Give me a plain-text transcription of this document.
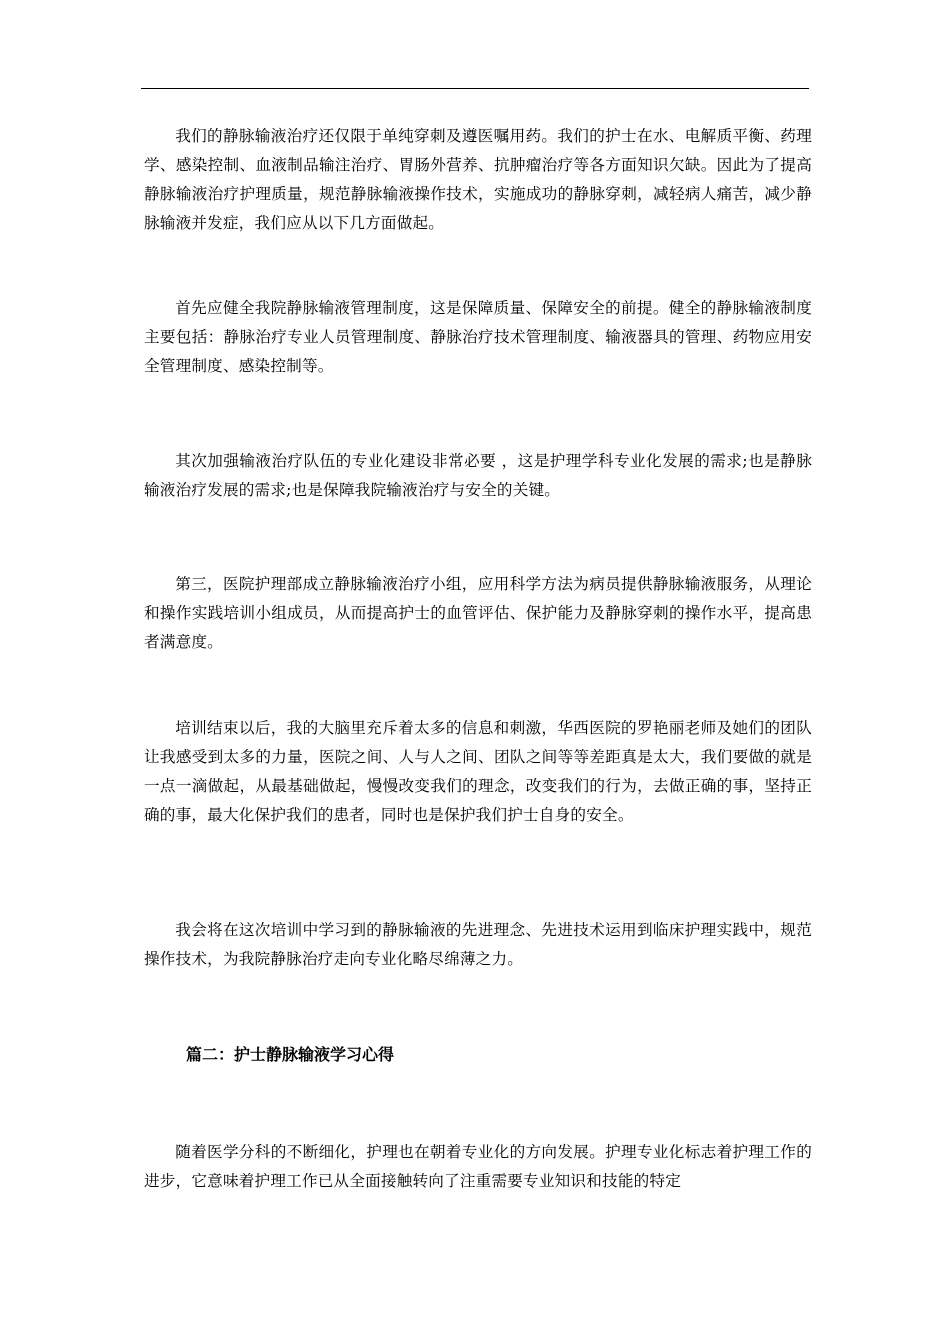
我们的静脉输液治疗还仅限于单纯穿刺及遵医嘱用药。我们的护士在水、电解质平衡、药理学、感染控制、血液制品输注治疗、胃肠外营养、抗肿瘤治疗等各方面知识欠缺。因此为了提高静脉输液治疗护理质量，规范静脉输液操作技术，实施成功的静脉穿刺，减轻病人痛苦，减少静脉输液并发症，我们应从以下几方面做起。

首先应健全我院静脉输液管理制度，这是保障质量、保障安全的前提。健全的静脉输液制度主要包括：静脉治疗专业人员管理制度、静脉治疗技术管理制度、输液器具的管理、药物应用安全管理制度、感染控制等。

其次加强输液治疗队伍的专业化建设非常必要 ，这是护理学科专业化发展的需求;也是静脉输液治疗发展的需求;也是保障我院输液治疗与安全的关键。

第三，医院护理部成立静脉输液治疗小组，应用科学方法为病员提供静脉输液服务，从理论和操作实践培训小组成员，从而提高护士的血管评估、保护能力及静脉穿刺的操作水平，提高患者满意度。

培训结束以后，我的大脑里充斥着太多的信息和刺激，华西医院的罗艳丽老师及她们的团队让我感受到太多的力量，医院之间、人与人之间、团队之间等等差距真是太大，我们要做的就是一点一滴做起，从最基础做起，慢慢改变我们的理念，改变我们的行为，去做正确的事，坚持正确的事，最大化保护我们的患者，同时也是保护我们护士自身的安全。

我会将在这次培训中学习到的静脉输液的先进理念、先进技术运用到临床护理实践中，规范操作技术，为我院静脉治疗走向专业化略尽绵薄之力。

篇二：护士静脉输液学习心得

随着医学分科的不断细化，护理也在朝着专业化的方向发展。护理专业化标志着护理工作的进步，它意味着护理工作已从全面接触转向了注重需要专业知识和技能的特定
